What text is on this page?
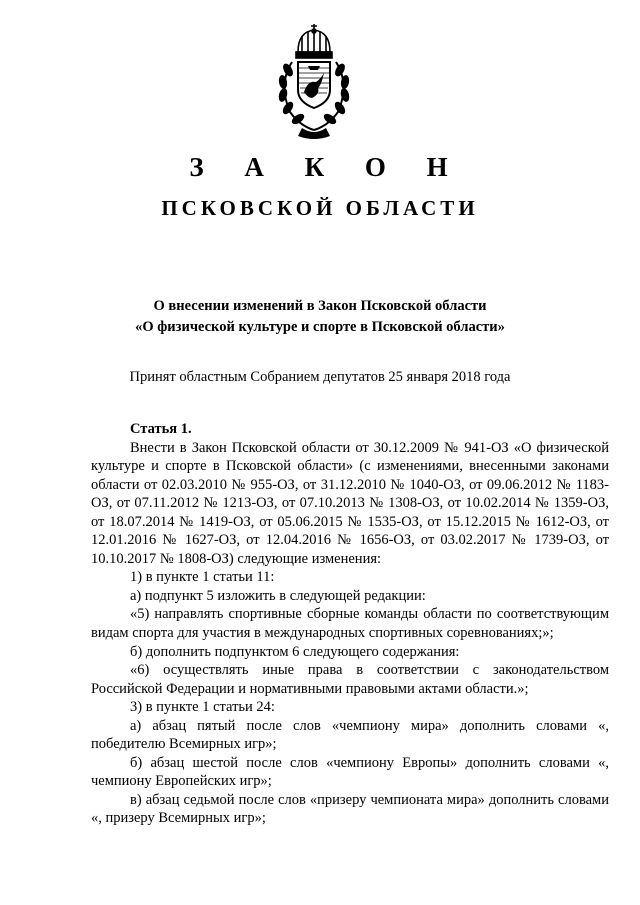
З А К О Н
ПСКОВСКОЙ ОБЛАСТИ
О внесении изменений в Закон Псковской области
«О физической культуре и спорте в Псковской области»

Принят областным Собранием депутатов 25 января 2018 года

Статья 1.

Внести в Закон Псковской области от 30.12.2009 № 941-ОЗ «О физической культуре и спорте в Псковской области» (с изменениями, внесенными законами области от 02.03.2010 № 955-ОЗ, от 31.12.2010 № 1040-ОЗ, от 09.06.2012 № 1183-ОЗ, от 07.11.2012 № 1213-ОЗ, от 07.10.2013 № 1308-ОЗ, от 10.02.2014 № 1359-ОЗ, от 18.07.2014 № 1419-ОЗ, от 05.06.2015 № 1535-ОЗ, от 15.12.2015 № 1612-ОЗ, от 12.01.2016 № 1627-ОЗ, от 12.04.2016 № 1656-ОЗ, от 03.02.2017 № 1739-ОЗ, от 10.10.2017 № 1808-ОЗ) следующие изменения:

1) в пункте 1 статьи 11:

а) подпункт 5 изложить в следующей редакции:

«5) направлять спортивные сборные команды области по соответствующим видам спорта для участия в международных спортивных соревнованиях;»;

б) дополнить подпунктом 6 следующего содержания:

«6) осуществлять иные права в соответствии с законодательством Российской Федерации и нормативными правовыми актами области.»;

3) в пункте 1 статьи 24:

а) абзац пятый после слов «чемпиону мира» дополнить словами «, победителю Всемирных игр»;

б) абзац шестой после слов «чемпиону Европы» дополнить словами «, чемпиону Европейских игр»;

в) абзац седьмой после слов «призеру чемпионата мира» дополнить словами «, призеру Всемирных игр»;
